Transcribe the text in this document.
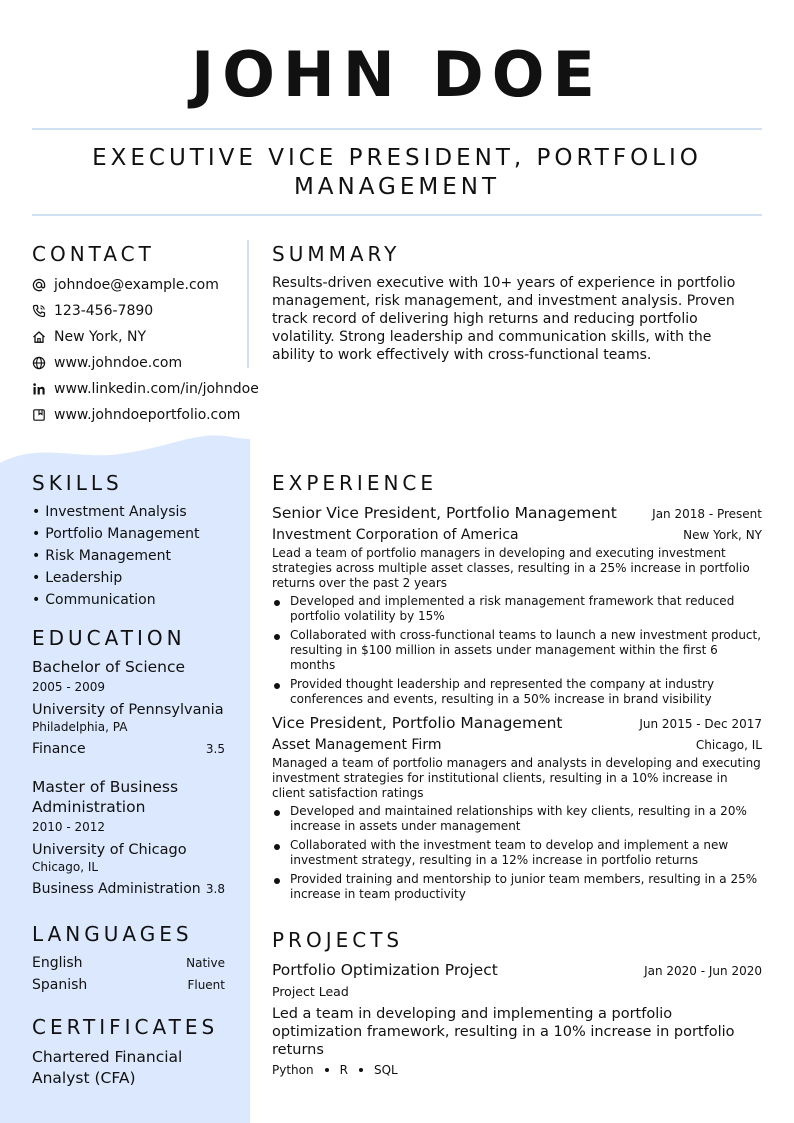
JOHN DOE
EXECUTIVE VICE PRESIDENT, PORTFOLIO MANAGEMENT
CONTACT
johndoe@example.com
123-456-7890
New York, NY
www.johndoe.com
www.linkedin.com/in/johndoe
www.johndoeportfolio.com
SUMMARY

Results-driven executive with 10+ years of experience in portfolio management, risk management, and investment analysis. Proven track record of delivering high returns and reducing portfolio volatility. Strong leadership and communication skills, with the ability to work effectively with cross-functional teams.

SKILLS
• Investment Analysis
• Portfolio Management
• Risk Management
• Leadership
• Communication
EDUCATION
Bachelor of Science
2005 - 2009
University of Pennsylvania
Philadelphia, PA
Finance	3.5
Master of Business Administration
2010 - 2012
University of Chicago
Chicago, IL
Business Administration 3.8
LANGUAGES
English	Native
Spanish	Fluent
CERTIFICATES
Chartered Financial Analyst (CFA)
EXPERIENCE
Senior Vice President, Portfolio Management	Jan 2018 - Present
Investment Corporation of America	New York, NY

Lead a team of portfolio managers in developing and executing investment strategies across multiple asset classes, resulting in a 25% increase in portfolio returns over the past 2 years

Developed and implemented a risk management framework that reduced portfolio volatility by 15%
Collaborated with cross-functional teams to launch a new investment product, resulting in $100 million in assets under management within the first 6 months
Provided thought leadership and represented the company at industry conferences and events, resulting in a 50% increase in brand visibility
Vice President, Portfolio Management	Jun 2015 - Dec 2017
Asset Management Firm	Chicago, IL

Managed a team of portfolio managers and analysts in developing and executing investment strategies for institutional clients, resulting in a 10% increase in client satisfaction ratings

Developed and maintained relationships with key clients, resulting in a 20% increase in assets under management
Collaborated with the investment team to develop and implement a new investment strategy, resulting in a 12% increase in portfolio returns
Provided training and mentorship to junior team members, resulting in a 25% increase in team productivity
PROJECTS
Portfolio Optimization Project	Jan 2020 - Jun 2020
Project Lead

Led a team in developing and implementing a portfolio optimization framework, resulting in a 10% increase in portfolio returns

Python R SQL
